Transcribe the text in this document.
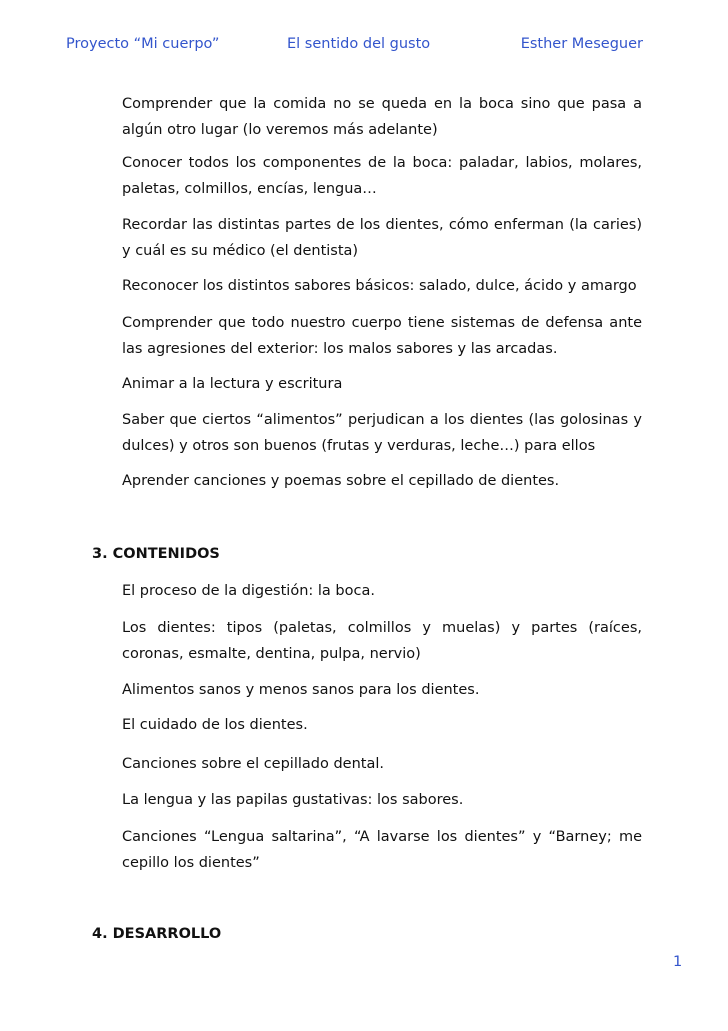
Proyecto “Mi cuerpo”	El sentido del gusto	Esther Meseguer
Comprender que la comida no se queda en la boca sino que pasa a algún otro lugar (lo veremos más adelante)
Conocer todos los componentes de la boca: paladar, labios, molares, paletas, colmillos, encías, lengua…
Recordar las distintas partes de los dientes, cómo enferman (la caries) y cuál es su médico (el dentista)
Reconocer los distintos sabores básicos: salado, dulce, ácido y amargo
Comprender que todo nuestro cuerpo tiene sistemas de defensa ante las agresiones del exterior: los malos sabores y las arcadas.
Animar a la lectura y escritura
Saber que ciertos “alimentos” perjudican a los dientes (las golosinas y dulces) y otros son buenos (frutas y verduras, leche…) para ellos
Aprender canciones y poemas sobre el cepillado de dientes.
3. CONTENIDOS
El proceso de la digestión: la boca.
Los dientes: tipos (paletas, colmillos y muelas) y partes (raíces, coronas, esmalte, dentina, pulpa, nervio)
Alimentos sanos y menos sanos para los dientes.
El cuidado de los dientes.
Canciones sobre el cepillado dental.
La lengua y las papilas gustativas: los sabores.
Canciones “Lengua saltarina”, “A lavarse los dientes” y “Barney; me cepillo los dientes”
4. DESARROLLO
1
